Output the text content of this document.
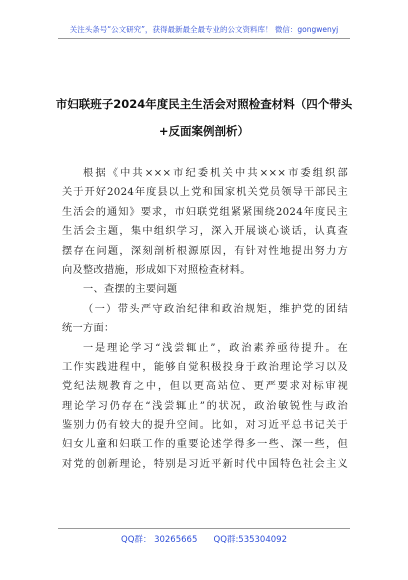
关注头条号“公文研究”，获得最新最全最专业的公文资料库！ 微信：gongwenyj
市妇联班子2024年度民主生活会对照检查材料（四个带头
+反面案例剖析）
根据《中共×××市纪委机关中共×××市委组织部
关于开好2024年度县以上党和国家机关党员领导干部民主
生活会的通知》要求，市妇联党组紧紧围绕2024年度民主
生活会主题，集中组织学习，深入开展谈心谈话，认真查
摆存在问题，深刻剖析根源原因，有针对性地提出努力方
向及整改措施，形成如下对照检查材料。
一、查摆的主要问题
（一）带头严守政治纪律和政治规矩，维护党的团结
统一方面：
一是理论学习“浅尝辄止”，政治素养亟待提升。在
工作实践进程中，能够自觉积极投身于政治理论学习以及
党纪法规教育之中，但以更高站位、更严要求对标审视
理论学习仍存在“浅尝辄止”的状况，政治敏锐性与政治
鉴别力仍有较大的提升空间。比如，对习近平总书记关于
妇女儿童和妇联工作的重要论述学得多一些、深一些，但
对党的创新理论，特别是习近平新时代中国特色社会主义
QQ群： 30265665      QQ群:535304092
